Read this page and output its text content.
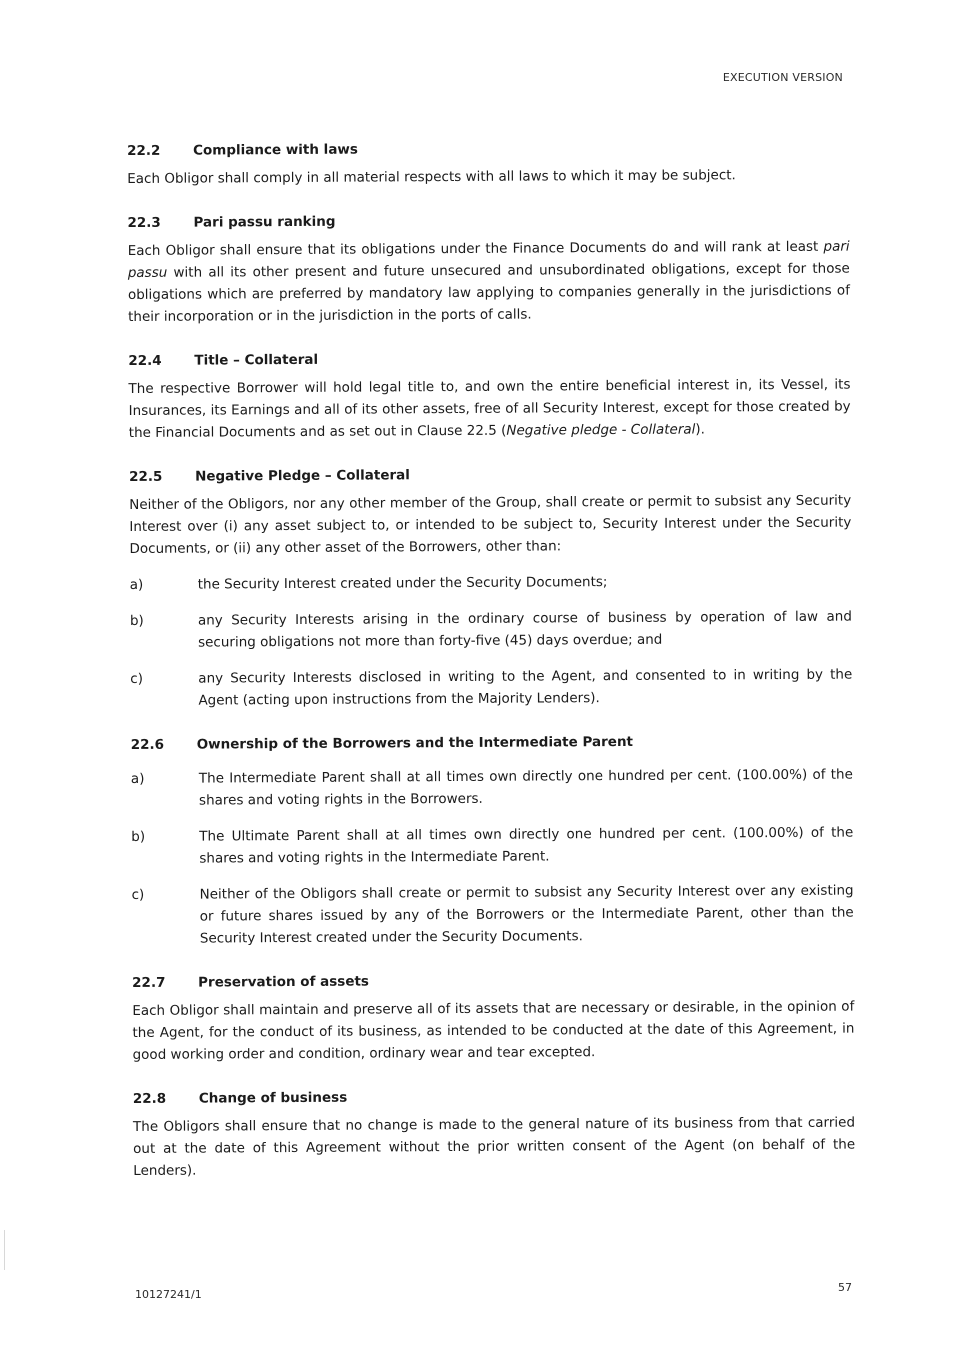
EXECUTION VERSION
22.2	Compliance with laws

Each Obligor shall comply in all material respects with all laws to which it may be subject.

22.3	Pari passu ranking

Each Obligor shall ensure that its obligations under the Finance Documents do and will rank at least pari passu with all its other present and future unsecured and unsubordinated obligations, except for those obligations which are preferred by mandatory law applying to companies generally in the jurisdictions of their incorporation or in the jurisdiction in the ports of calls.

22.4	Title – Collateral

The respective Borrower will hold legal title to, and own the entire beneficial interest in, its Vessel, its Insurances, its Earnings and all of its other assets, free of all Security Interest, except for those created by the Financial Documents and as set out in Clause 22.5 (Negative pledge - Collateral).

22.5	Negative Pledge – Collateral

Neither of the Obligors, nor any other member of the Group, shall create or permit to subsist any Security Interest over (i) any asset subject to, or intended to be subject to, Security Interest under the Security Documents, or (ii) any other asset of the Borrowers, other than:

a)	the Security Interest created under the Security Documents;
b)	any Security Interests arising in the ordinary course of business by operation of law and securing obligations not more than forty-five (45) days overdue; and
c)	any Security Interests disclosed in writing to the Agent, and consented to in writing by the Agent (acting upon instructions from the Majority Lenders).
22.6	Ownership of the Borrowers and the Intermediate Parent
a)	The Intermediate Parent shall at all times own directly one hundred per cent. (100.00%) of the shares and voting rights in the Borrowers.
b)	The Ultimate Parent shall at all times own directly one hundred per cent. (100.00%) of the shares and voting rights in the Intermediate Parent.
c)	Neither of the Obligors shall create or permit to subsist any Security Interest over any existing or future shares issued by any of the Borrowers or the Intermediate Parent, other than the Security Interest created under the Security Documents.
22.7	Preservation of assets

Each Obligor shall maintain and preserve all of its assets that are necessary or desirable, in the opinion of the Agent, for the conduct of its business, as intended to be conducted at the date of this Agreement, in good working order and condition, ordinary wear and tear excepted.

22.8	Change of business

The Obligors shall ensure that no change is made to the general nature of its business from that carried out at the date of this Agreement without the prior written consent of the Agent (on behalf of the Lenders).

10127241/1
57
